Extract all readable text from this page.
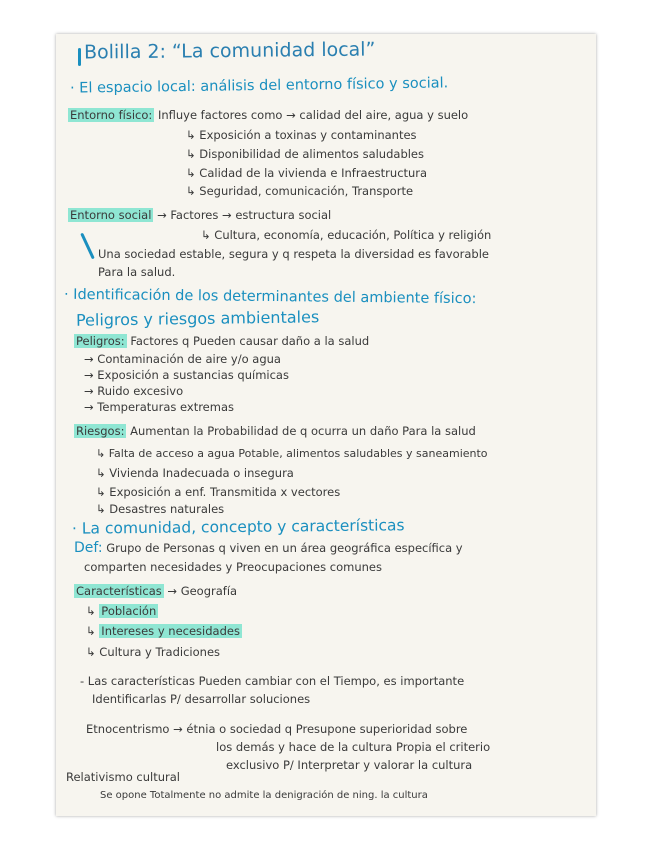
Bolilla 2: “La comunidad local”
· El espacio local: análisis del entorno físico y social.
Entorno físico: Influye factores como → calidad del aire, agua y suelo
↳ Exposición a toxinas y contaminantes
↳ Disponibilidad de alimentos saludables
↳ Calidad de la vivienda e Infraestructura
↳ Seguridad, comunicación, Transporte
Entorno social → Factores → estructura social
↳ Cultura, economía, educación, Política y religión
Una sociedad estable, segura y q respeta la diversidad es favorable
Para la salud.
· Identificación de los determinantes del ambiente físico:
Peligros y riesgos ambientales
Peligros: Factores q Pueden causar daño a la salud
→ Contaminación de aire y/o agua
→ Exposición a sustancias químicas
→ Ruido excesivo
→ Temperaturas extremas
Riesgos: Aumentan la Probabilidad de q ocurra un daño Para la salud
↳ Falta de acceso a agua Potable, alimentos saludables y saneamiento
↳ Vivienda Inadecuada o insegura
↳ Exposición a enf. Transmitida x vectores
↳ Desastres naturales
· La comunidad, concepto y características
Def: Grupo de Personas q viven en un área geográfica específica y
comparten necesidades y Preocupaciones comunes
Características → Geografía
↳ Población
↳ Intereses y necesidades
↳ Cultura y Tradiciones
- Las características Pueden cambiar con el Tiempo, es importante
Identificarlas P/ desarrollar soluciones
Etnocentrismo → étnia o sociedad q Presupone superioridad sobre
los demás y hace de la cultura Propia el criterio
exclusivo P/ Interpretar y valorar la cultura
Relativismo cultural
Se opone Totalmente no admite la denigración de ning. la cultura
